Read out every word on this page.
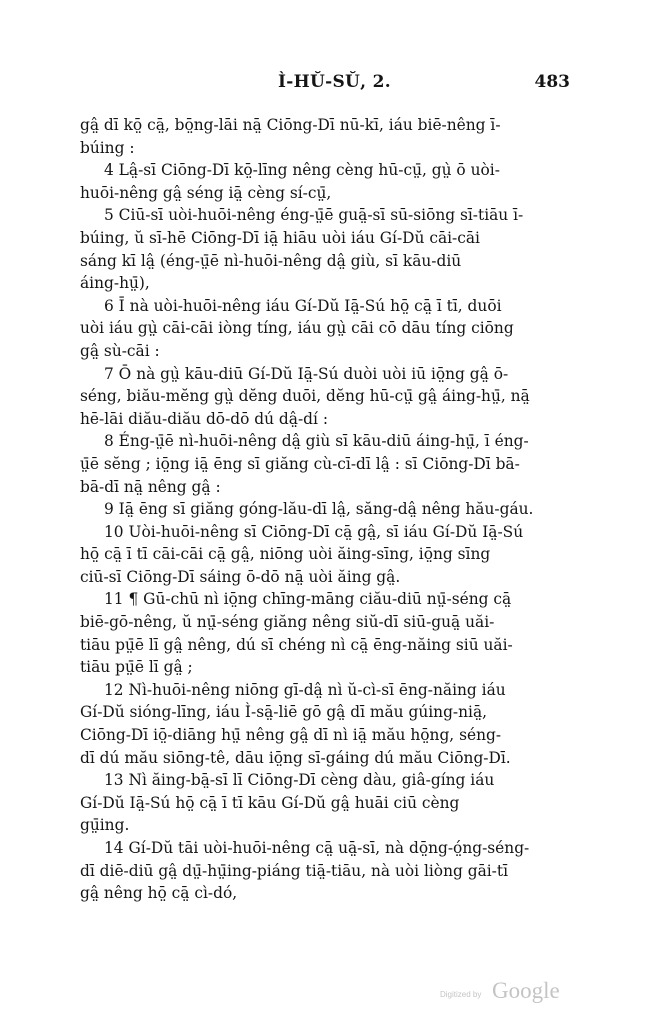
Ì-HŬ-SŬ, 2.	483
gâ̤ dī kō̤ cā̤, bō̤ng-lāi nā̤ Ciōng-Dī nū-kī, iáu biē-nêng ī-
búing :
4 Lâ̤-sī Ciōng-Dī kō̤-līng nêng cèng hū-cṳ̄, gṳ̀ ō uòi-
huōi-nêng gâ̤ séng iā̤ cèng sí-cṳ̄,
5 Ciū-sī uòi-huōi-nêng éng-ṳ̄ē guā̤-sī sū-siōng sī-tiāu ī-
búing, ŭ sī-hē Ciōng-Dī iā̤ hiāu uòi iáu Gí-Dŭ cāi-cāi
sáng kī lâ̤ (éng-ṳ̄ē nì-huōi-nêng dâ̤ giù, sī kāu-diū
áing-hṳ̄),
6 Ī nà uòi-huōi-nêng iáu Gí-Dŭ Iā̤-Sú hō̤ cā̤ ī tī, duōi
uòi iáu gṳ̀ cāi-cāi iòng tíng, iáu gṳ̀ cāi cō dāu tíng ciōng
gâ̤ sù-cāi :
7 Ō nà gṳ̀ kāu-diū Gí-Dŭ Iā̤-Sú duòi uòi iū iō̤ng gâ̤ ō-
séng, biău-mĕng gṳ̀ dĕng duōi, dĕng hū-cṳ̄ gâ̤ áing-hṳ̄, nā̤
hē-lāi diău-diău dō-dō dú dâ̤-dí :
8 Éng-ṳ̄ē nì-huōi-nêng dâ̤ giù sī kāu-diū áing-hṳ̄, ī éng-
ṳ̄ē sĕng ; iō̤ng iā̤ ēng sī giăng cù-cī-dī lâ̤ : sī Ciōng-Dī bā-
bā-dī nā̤ nêng gâ̤ :
9 Iā̤ ēng sī giăng góng-lău-dī lâ̤, săng-dâ̤ nêng hău-gáu.
10 Uòi-huōi-nêng sī Ciōng-Dī cā̤ gâ̤, sī iáu Gí-Dŭ Iā̤-Sú
hō̤ cā̤ ī tī cāi-cāi cā̤ gâ̤, niōng uòi ăing-sīng, iō̤ng sīng
ciū-sī Ciōng-Dī sáing ō-dō nā̤ uòi ăing gâ̤.
11 ¶ Gū-chū nì iō̤ng chīng-māng ciău-diū nṳ̄-séng cā̤
biē-gō-nêng, ŭ nṳ̄-séng giăng nêng siŭ-dī siū-guā̤ uăi-
tiāu pṳ̄ē lī gâ̤ nêng, dú sī chéng nì cā̤ ēng-năing siū uăi-
tiāu pṳ̄ē lī gâ̤ ;
12 Nì-huōi-nêng niōng gī-dâ̤ nì ŭ-cì-sī ēng-năing iáu
Gí-Dŭ sióng-līng, iáu Ì-sā̤-liē gō gâ̤ dī mău gúing-niā̤,
Ciōng-Dī iō̤-diāng hṳ̄ nêng gâ̤ dī nì iā̤ mău hō̤ng, séng-
dī dú mău siōng-tê, dāu iō̤ng sī-gáing dú mău Ciōng-Dī.
13 Nì ăing-bā̤-sī lī Ciōng-Dī cèng dàu, giâ-gíng iáu
Gí-Dŭ Iā̤-Sú hō̤ cā̤ ī tī kāu Gí-Dŭ gâ̤ huāi ciū cèng
gṳ̄ing.
14 Gí-Dŭ tāi uòi-huōi-nêng cā̤ uā̤-sī, nà dō̤ng-ó̤ng-séng-
dī diē-diū gâ̤ dṳ̄-hṳ̄ing-piáng tiā̤-tiāu, nà uòi liòng gāi-tī
gâ̤ nêng hō̤ cā̤ cì-dó,
Digitized by Google
